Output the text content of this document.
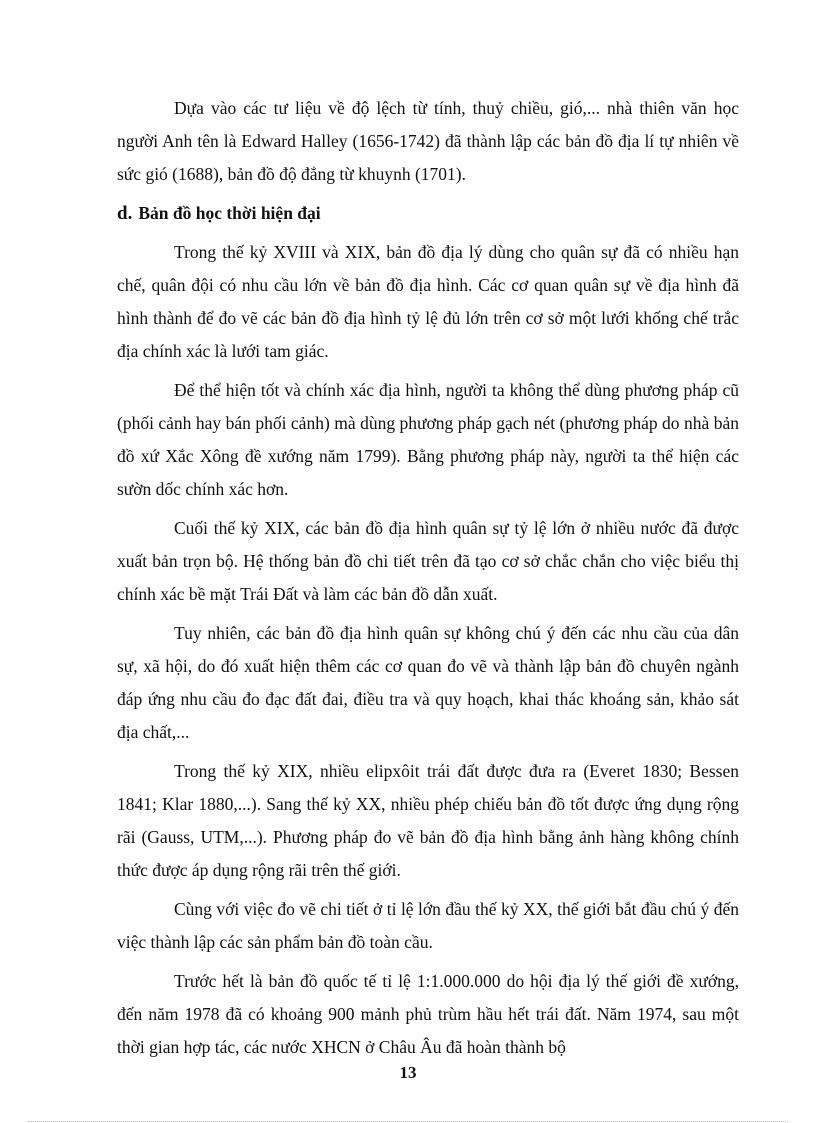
Dựa vào các tư liệu về độ lệch từ tính, thuỷ chiều, gió,... nhà thiên văn học người Anh tên là Edward Halley (1656-1742) đã thành lập các bản đồ địa lí tự nhiên về sức gió (1688), bản đồ độ đẳng từ khuynh (1701).

d. Bản đồ học thời hiện đại

Trong thế kỷ XVIII và XIX, bản đồ địa lý dùng cho quân sự đã có nhiều hạn chế, quân đội có nhu cầu lớn về bản đồ địa hình. Các cơ quan quân sự về địa hình đã hình thành để đo vẽ các bản đồ địa hình tỷ lệ đủ lớn trên cơ sở một lưới khống chế trắc địa chính xác là lưới tam giác.

Để thể hiện tốt và chính xác địa hình, người ta không thể dùng phương pháp cũ (phối cảnh hay bán phối cảnh) mà dùng phương pháp gạch nét (phương pháp do nhà bản đồ xứ Xắc Xông đề xướng năm 1799). Bằng phương pháp này, người ta thể hiện các sườn dốc chính xác hơn.

Cuối thế kỷ XIX, các bản đồ địa hình quân sự tỷ lệ lớn ở nhiều nước đã được xuất bản trọn bộ. Hệ thống bản đồ chi tiết trên đã tạo cơ sở chắc chắn cho việc biểu thị chính xác bề mặt Trái Đất và làm các bản đồ dẫn xuất.

Tuy nhiên, các bản đồ địa hình quân sự không chú ý đến các nhu cầu của dân sự, xã hội, do đó xuất hiện thêm các cơ quan đo vẽ và thành lập bản đồ chuyên ngành đáp ứng nhu cầu đo đạc đất đai, điều tra và quy hoạch, khai thác khoáng sản, khảo sát địa chất,...

Trong thế kỷ XIX, nhiều elipxôit trái đất được đưa ra (Everet 1830; Bessen 1841; Klar 1880,...). Sang thế kỷ XX, nhiều phép chiếu bản đồ tốt được ứng dụng rộng rãi (Gauss, UTM,...). Phương pháp đo vẽ bản đồ địa hình bằng ảnh hàng không chính thức được áp dụng rộng rãi trên thế giới.

Cùng với việc đo vẽ chi tiết ở tỉ lệ lớn đầu thế kỷ XX, thế giới bắt đầu chú ý đến việc thành lập các sản phẩm bản đồ toàn cầu.

Trước hết là bản đồ quốc tế tỉ lệ 1:1.000.000 do hội địa lý thế giới đề xướng, đến năm 1978 đã có khoảng 900 mảnh phủ trùm hầu hết trái đất. Năm 1974, sau một thời gian hợp tác, các nước XHCN ở Châu Âu đã hoàn thành bộ

13
